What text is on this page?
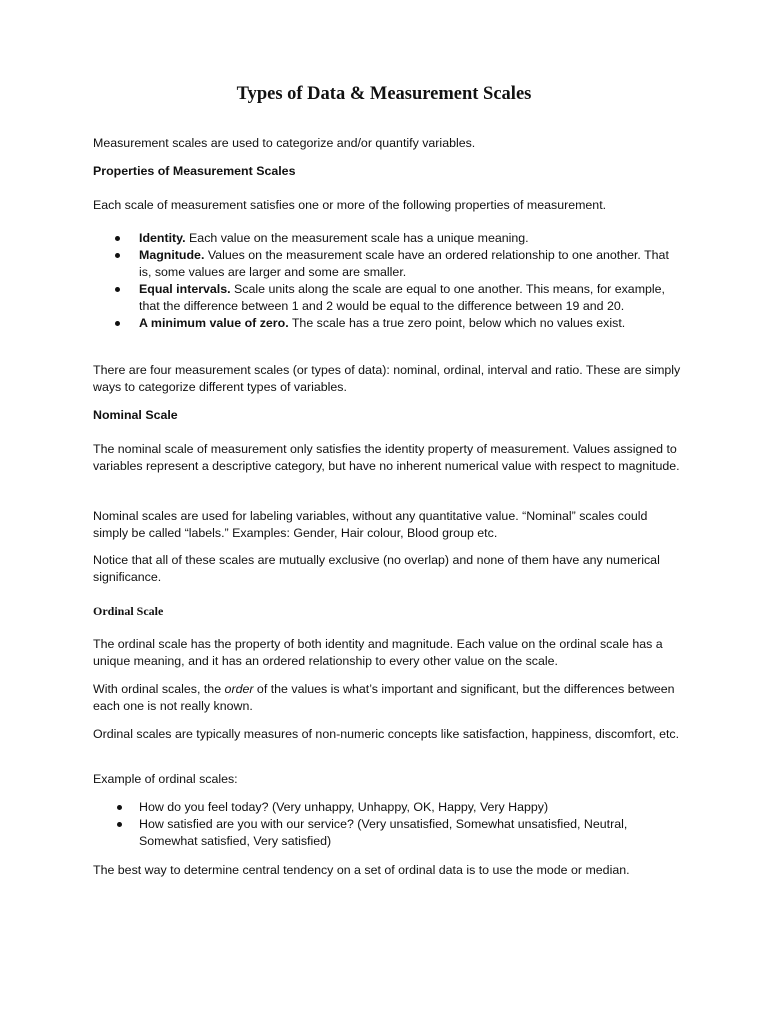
Types of Data & Measurement Scales

Measurement scales are used to categorize and/or quantify variables.

Properties of Measurement Scales

Each scale of measurement satisfies one or more of the following properties of measurement.

Identity. Each value on the measurement scale has a unique meaning.
Magnitude. Values on the measurement scale have an ordered relationship to one another. That is, some values are larger and some are smaller.
Equal intervals. Scale units along the scale are equal to one another. This means, for example, that the difference between 1 and 2 would be equal to the difference between 19 and 20.
A minimum value of zero. The scale has a true zero point, below which no values exist.

There are four measurement scales (or types of data): nominal, ordinal, interval and ratio. These are simply ways to categorize different types of variables.

Nominal Scale

The nominal scale of measurement only satisfies the identity property of measurement. Values assigned to variables represent a descriptive category, but have no inherent numerical value with respect to magnitude.

Nominal scales are used for labeling variables, without any quantitative value. “Nominal” scales could simply be called “labels.” Examples: Gender, Hair colour, Blood group etc.

Notice that all of these scales are mutually exclusive (no overlap) and none of them have any numerical significance.

Ordinal Scale

The ordinal scale has the property of both identity and magnitude. Each value on the ordinal scale has a unique meaning, and it has an ordered relationship to every other value on the scale.

With ordinal scales, the order of the values is what’s important and significant, but the differences between each one is not really known.

Ordinal scales are typically measures of non-numeric concepts like satisfaction, happiness, discomfort, etc.

Example of ordinal scales:

How do you feel today? (Very unhappy, Unhappy, OK, Happy, Very Happy)
How satisfied are you with our service? (Very unsatisfied, Somewhat unsatisfied, Neutral, Somewhat satisfied, Very satisfied)

The best way to determine central tendency on a set of ordinal data is to use the mode or median.
